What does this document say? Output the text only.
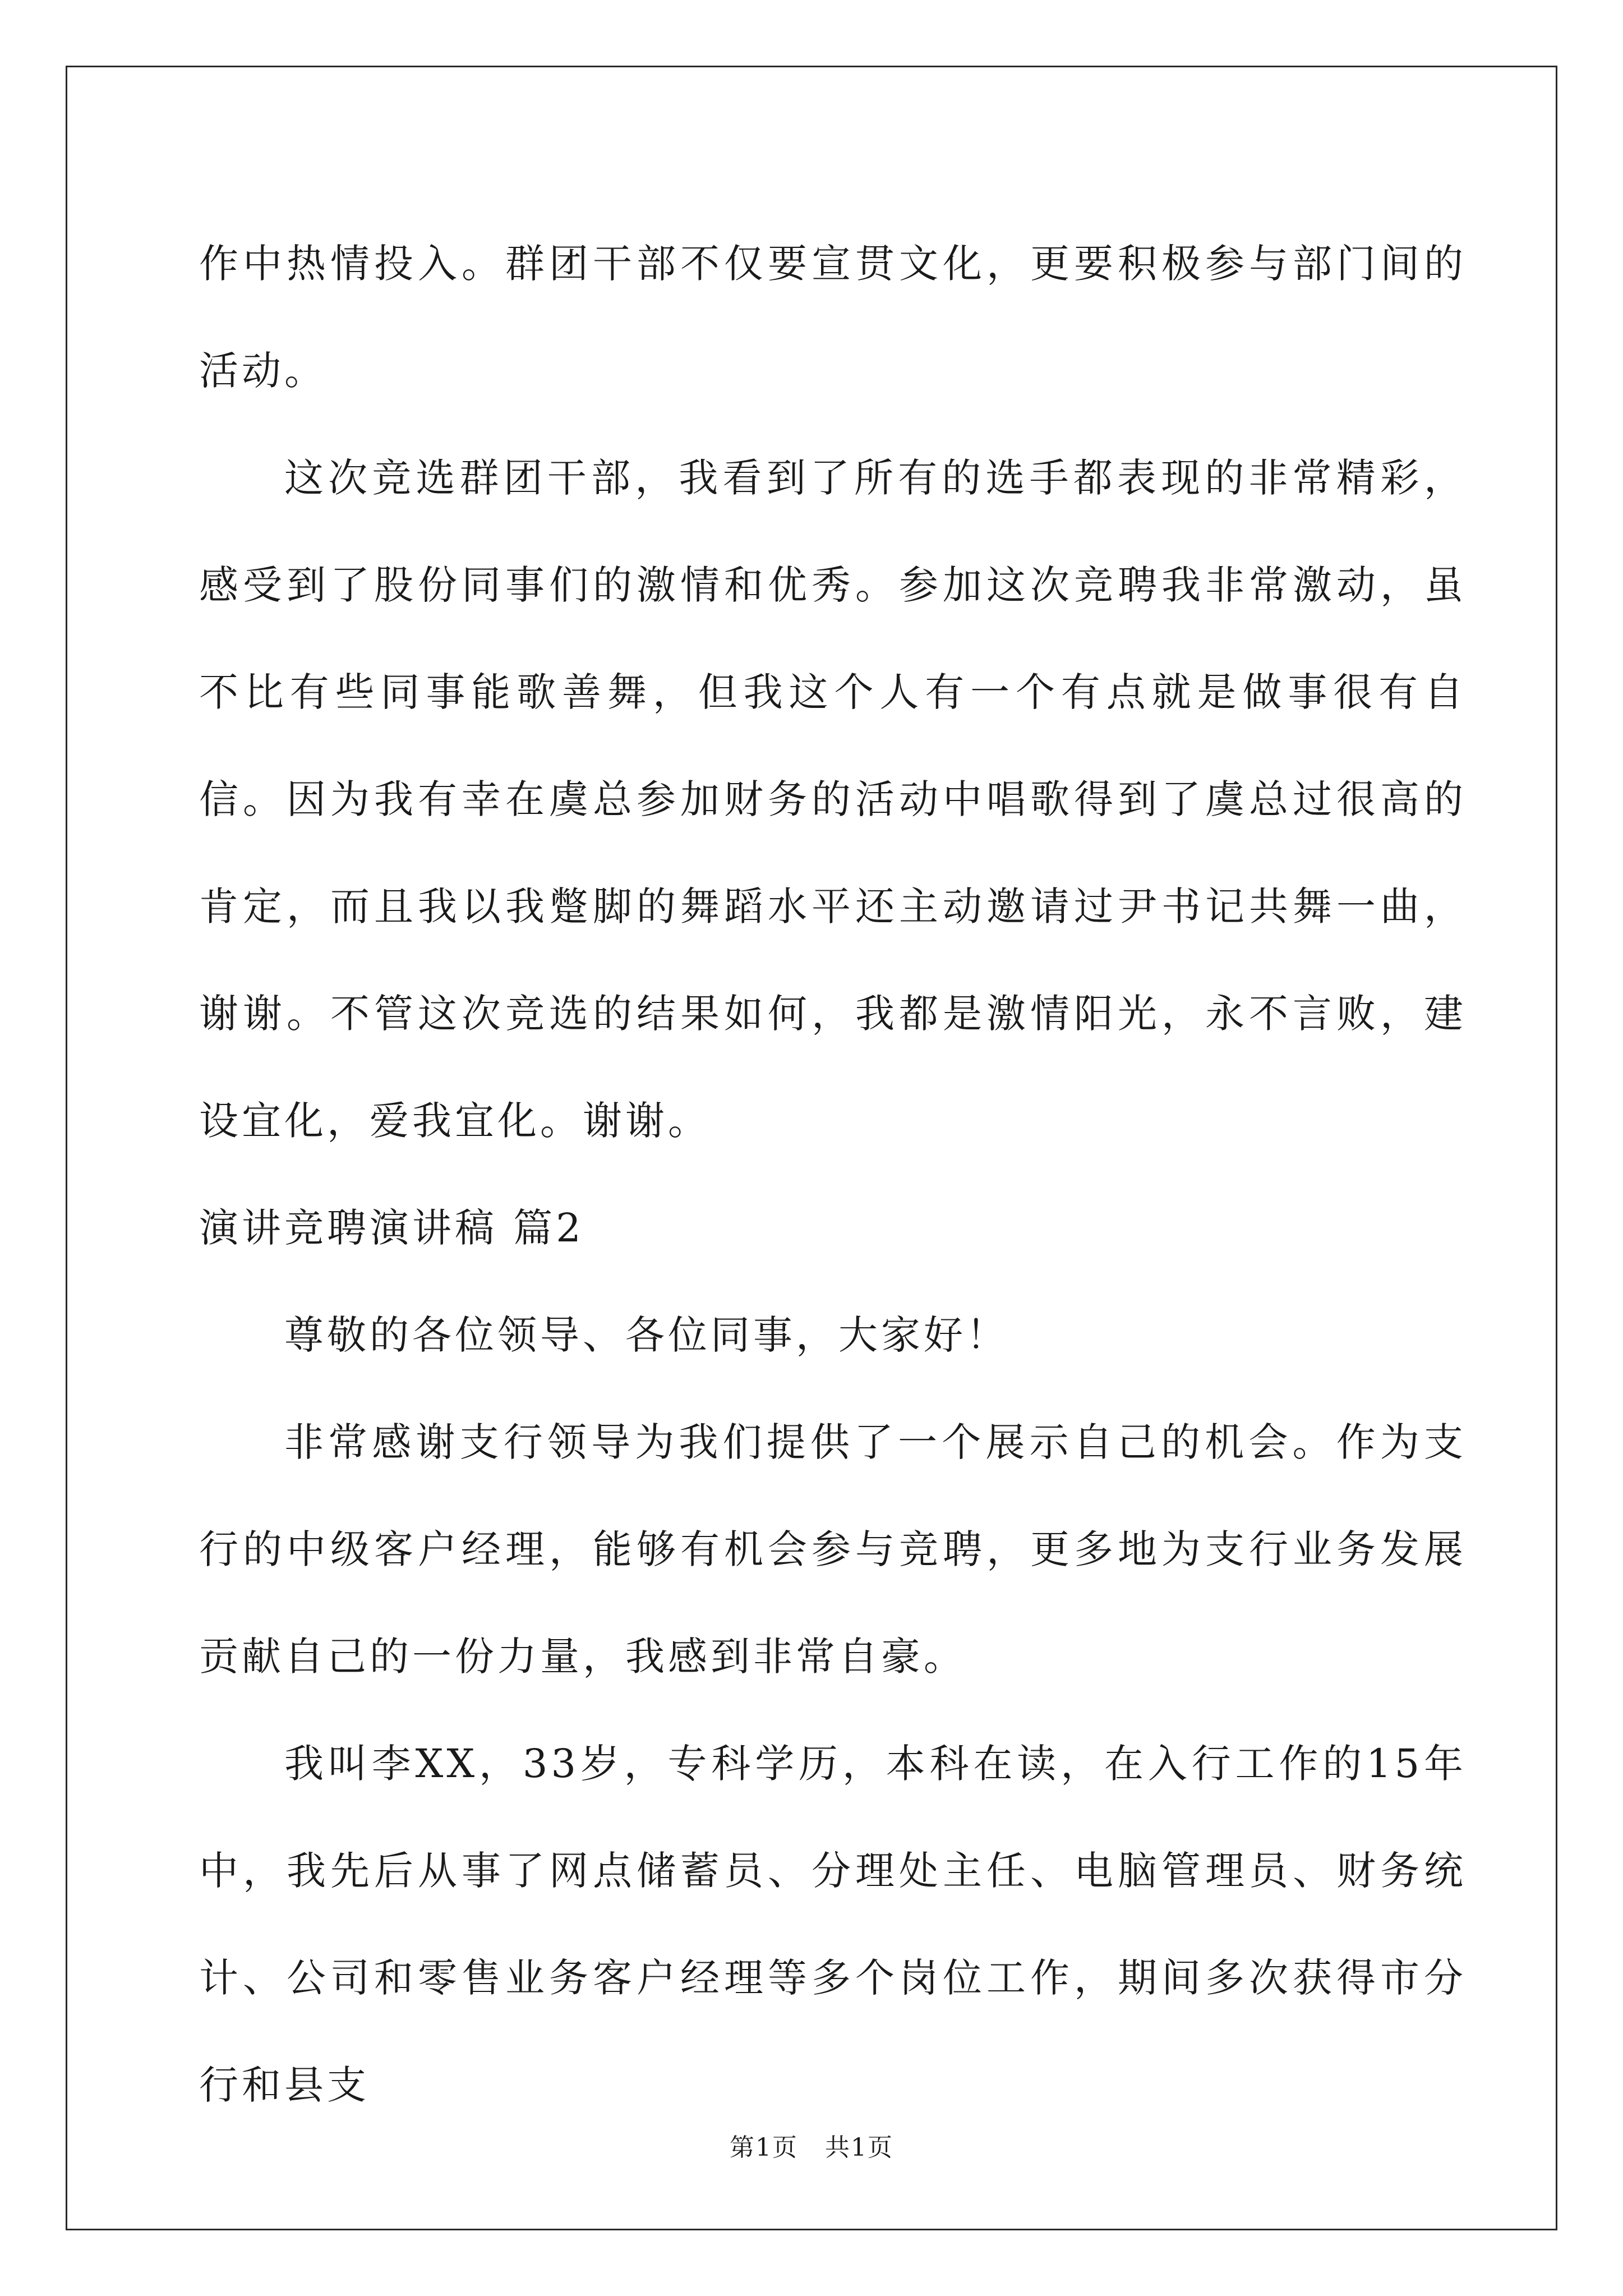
作中热情投入。群团干部不仅要宣贯文化，更要积极参与部门间的活动。

这次竞选群团干部，我看到了所有的选手都表现的非常精彩，感受到了股份同事们的激情和优秀。参加这次竞聘我非常激动，虽不比有些同事能歌善舞，但我这个人有一个有点就是做事很有自信。因为我有幸在虞总参加财务的活动中唱歌得到了虞总过很高的肯定，而且我以我蹩脚的舞蹈水平还主动邀请过尹书记共舞一曲，谢谢。不管这次竞选的结果如何，我都是激情阳光，永不言败，建设宜化，爱我宜化。谢谢。

演讲竞聘演讲稿 篇2

尊敬的各位领导、各位同事，大家好！

非常感谢支行领导为我们提供了一个展示自己的机会。作为支行的中级客户经理，能够有机会参与竞聘，更多地为支行业务发展贡献自己的一份力量，我感到非常自豪。

我叫李XX，33岁，专科学历，本科在读，在入行工作的15年中，我先后从事了网点储蓄员、分理处主任、电脑管理员、财务统计、公司和零售业务客户经理等多个岗位工作，期间多次获得市分行和县支

第1页 共1页
